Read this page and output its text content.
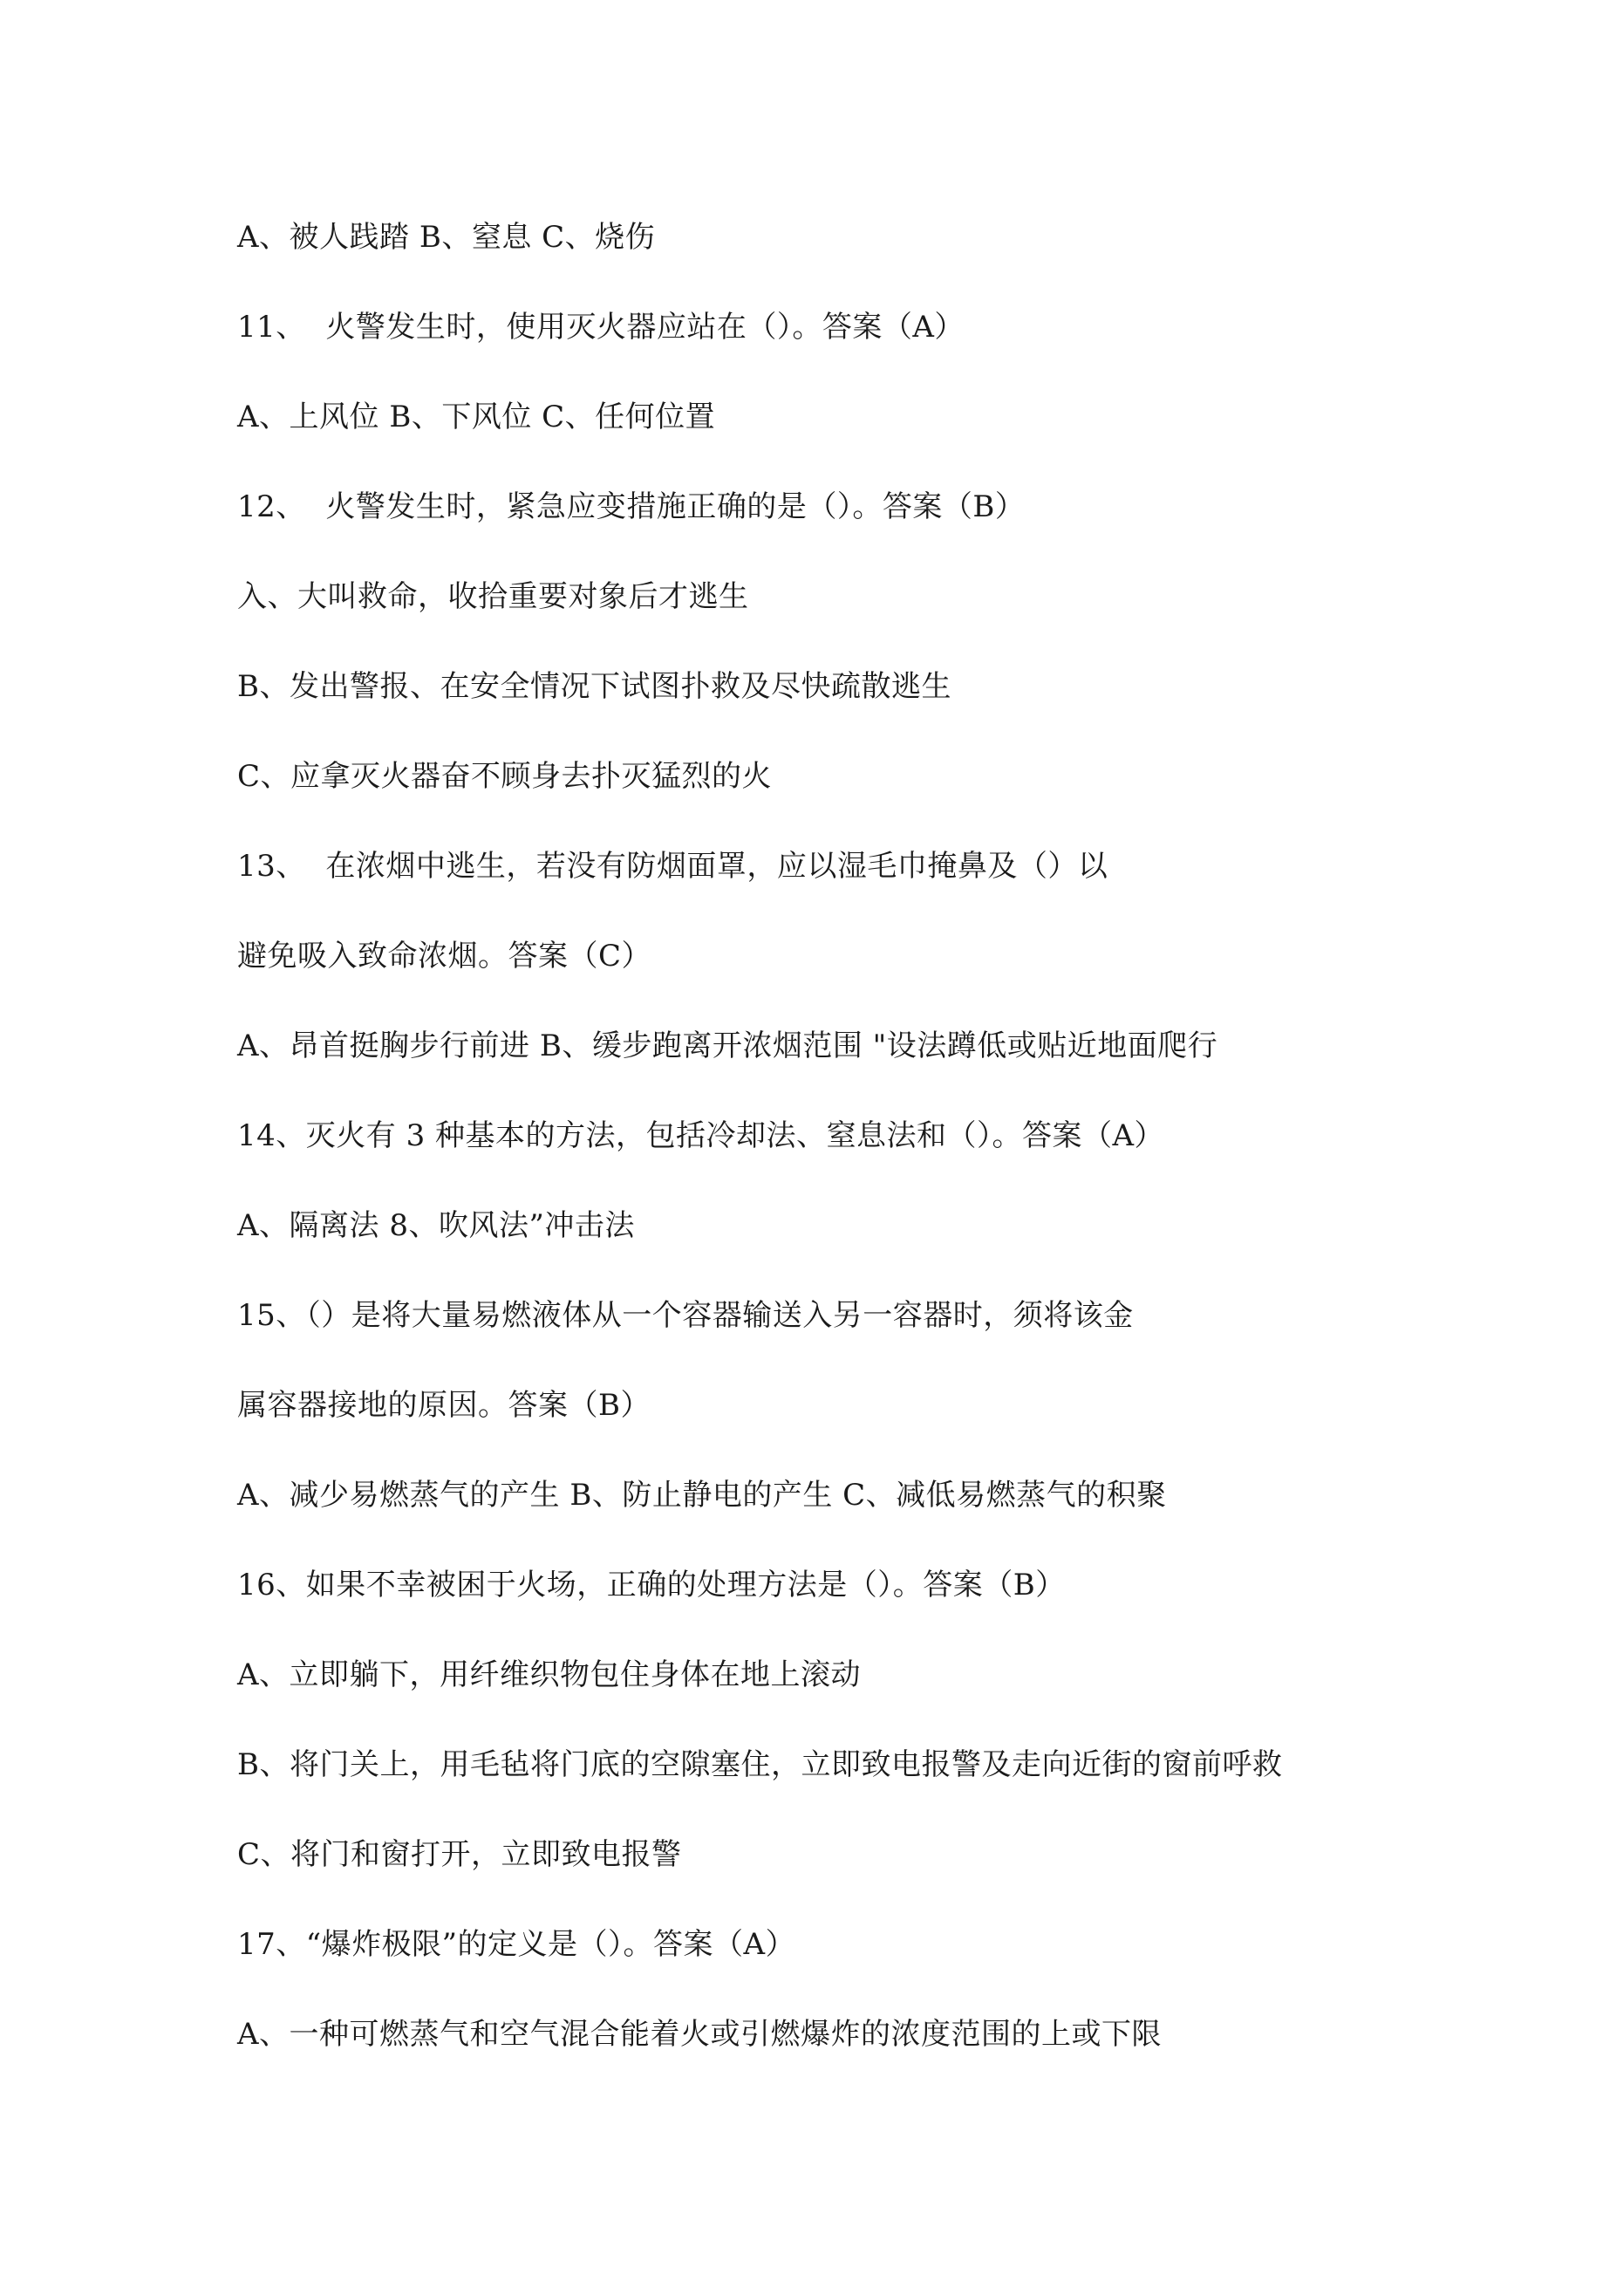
A、被人践踏 B、窒息 C、烧伤
11、  火警发生时，使用灭火器应站在（）。答案（A）
A、上风位 B、下风位 C、任何位置
12、  火警发生时，紧急应变措施正确的是（）。答案（B）
入、大叫救命，收拾重要对象后才逃生
B、发出警报、在安全情况下试图扑救及尽快疏散逃生
C、应拿灭火器奋不顾身去扑灭猛烈的火
13、  在浓烟中逃生，若没有防烟面罩，应以湿毛巾掩鼻及（）以
避免吸入致命浓烟。答案（C）
A、昂首挺胸步行前进 B、缓步跑离开浓烟范围 "设法蹲低或贴近地面爬行
14、灭火有 3 种基本的方法，包括冷却法、窒息法和（）。答案（A）
A、隔离法 8、吹风法”冲击法
15、（）是将大量易燃液体从一个容器输送入另一容器时，须将该金
属容器接地的原因。答案（B）
A、减少易燃蒸气的产生 B、防止静电的产生 C、减低易燃蒸气的积聚
16、如果不幸被困于火场，正确的处理方法是（）。答案（B）
A、立即躺下，用纤维织物包住身体在地上滚动
B、将门关上，用毛毡将门底的空隙塞住，立即致电报警及走向近街的窗前呼救
C、将门和窗打开，立即致电报警
17、“爆炸极限”的定义是（）。答案（A）
A、一种可燃蒸气和空气混合能着火或引燃爆炸的浓度范围的上或下限
